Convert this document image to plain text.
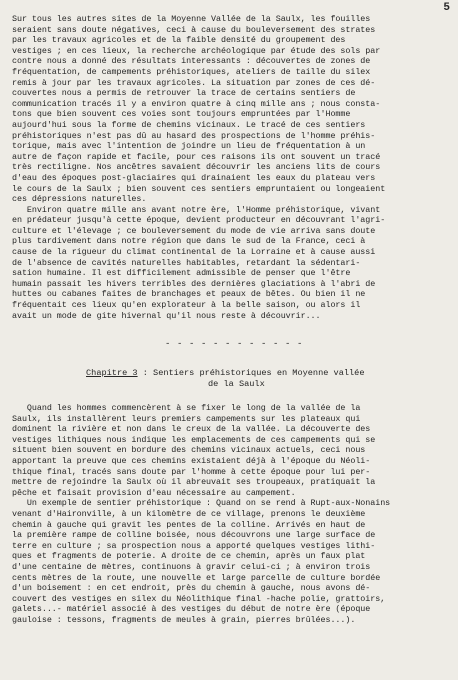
5
Sur tous les autres sites de la Moyenne Vallée de la Saulx, les fouilles
seraient sans doute négatives, ceci à cause du bouleversement des strates
par les travaux agricoles et de la faible densité du groupement des
vestiges ; en ces lieux, la recherche archéologique par étude des sols par
contre nous a donné des résultats interessants : découvertes de zones de
fréquentation, de campements préhistoriques, ateliers de taille du silex
remis à jour par les travaux agricoles. La situation par zones de ces dé-
couvertes nous a permis de retrouver la trace de certains sentiers de
communication tracés il y a environ quatre à cinq mille ans ; nous consta-
tons que bien souvent ces voies sont toujours empruntées par l'Homme
aujourd'hui sous la forme de chemins vicinaux. Le tracé de ces sentiers
préhistoriques n'est pas dû au hasard des prospections de l'homme préhis-
torique, mais avec l'intention de joindre un lieu de fréquentation à un
autre de façon rapide et facile, pour ces raisons ils ont souvent un tracé
très rectiligne. Nos ancêtres savaient découvrir les anciens lits de cours
d'eau des époques post-glaciaires qui drainaient les eaux du plateau vers
le cours de la Saulx ; bien souvent ces sentiers empruntaient ou longeaient
ces dépressions naturelles.
Environ quatre mille ans avant notre ère, l'Homme préhistorique, vivant
en prédateur jusqu'à cette époque, devient producteur en découvrant l'agri-
culture et l'élevage ; ce bouleversement du mode de vie arriva sans doute
plus tardivement dans notre région que dans le sud de la France, ceci à
cause de la rigueur du climat continental de la Lorraine et à cause aussi
de l'absence de cavités naturelles habitables, retardant la sédentari-
sation humaine. Il est difficilement admissible de penser que l'être
humain passait les hivers terribles des dernières glaciations à l'abri de
huttes ou cabanes faites de branchages et peaux de bêtes. Ou bien il ne
fréquentait ces lieux qu'en explorateur à la belle saison, ou alors il
avait un mode de gite hivernal qu'il nous reste à découvrir...
- - - - - - - - - - - -
Chapitre 3 : Sentiers préhistoriques en Moyenne vallée
de la Saulx
Quand les hommes commencèrent à se fixer le long de la vallée de la
Saulx, ils installèrent leurs premiers campements sur les plateaux qui
dominent la rivière et non dans le creux de la vallée. La découverte des
vestiges lithiques nous indique les emplacements de ces campements qui se
situent bien souvent en bordure des chemins vicinaux actuels, ceci nous
apportant la preuve que ces chemins existaient déjà à l'époque du Néoli-
thique final, tracés sans doute par l'homme à cette époque pour lui per-
mettre de rejoindre la Saulx où il abreuvait ses troupeaux, pratiquait la
pêche et faisait provision d'eau nécessaire au campement.
Un exemple de sentier préhistorique : Quand on se rend à Rupt-aux-Nonains
venant d'Haironville, à un kilomètre de ce village, prenons le deuxième
chemin à gauche qui gravit les pentes de la colline. Arrivés en haut de
la première rampe de colline boisée, nous découvrons une large surface de
terre en culture ; sa prospection nous a apporté quelques vestiges lithi-
ques et fragments de poterie. A droite de ce chemin, après un faux plat
d'une centaine de mètres, continuons à gravir celui-ci ; à environ trois
cents mètres de la route, une nouvelle et large parcelle de culture bordée
d'un boisement : en cet endroit, près du chemin à gauche, nous avons dé-
couvert des vestiges en silex du Néolithique final -hache polie, grattoirs,
galets...- matériel associé à des vestiges du début de notre ère (époque
gauloise : tessons, fragments de meules à grain, pierres brûlées...).
